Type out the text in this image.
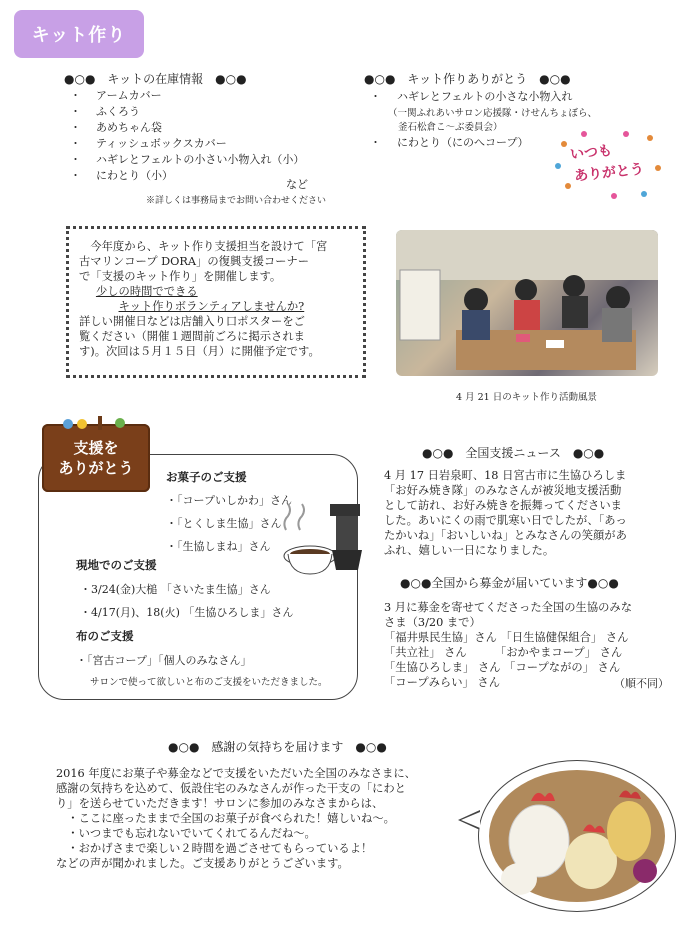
キット作り
●○●　キットの在庫情報　●○●
・ アームカバー
・ ふくろう
・ あめちゃん袋
・ ティッシュボックスカバー
・ ハギレとフェルトの小さい小物入れ（小）
・ にわとり（小）
など
※詳しくは事務局までお問い合わせください
●○●　キット作りありがとう　●○●
・ ハギレとフェルトの小さな小物入れ
（一関ふれあいサロン応援隊・けせんちょぼら、
釜石松倉こ～ぶ委員会）
・ にわとり（にのへコープ）
いつも
ありがとう
今年度から、キット作り支援担当を設けて「宮
古マリンコープ DORA」の復興支援コーナー
で「支援のキット作り」を開催します。
少しの時間でできる
キット作りボランティアしませんか?
詳しい開催日などは店舗入り口ポスターをご
覧ください（開催１週間前ごろに掲示されま
す)。次回は５月１５日（月）に開催予定です。
4 月 21 日のキット作り活動風景
支援を
ありがとう	お菓子のご支援
・「コープいしかわ」さん
・「とくしま生協」さん
・「生協しまね」さん
現地でのご支援
・3/24(金)大槌 「さいたま生協」さん
・4/17(月)、18(火) 「生協ひろしま」さん
布のご支援
・「宮古コープ」「個人のみなさん」
サロンで使って欲しいと布のご支援をいただきました。
●○●　全国支援ニュース　●○●
4 月 17 日岩泉町、18 日宮古市に生協ひろしま
「お好み焼き隊」のみなさんが被災地支援活動
として訪れ、お好み焼きを振舞ってくださいま
した。あいにくの雨で肌寒い日でしたが、「あっ
たかいね」「おいしいね」とみなさんの笑顔があ
ふれ、嬉しい一日になりました。
●○●全国から募金が届いています●○●
3 月に募金を寄せてくださった全国の生協のみな
さま（3/20 まで）
「福井県民生協」さん 「日生協健保組合」 さん
「共立社」 さん　　　「おかやまコープ」 さん
「生協ひろしま」 さん 「コープながの」 さん
「コープみらい」 さん	（順不同）
●○●　感謝の気持ちを届けます　●○●
2016 年度にお菓子や募金などで支援をいただいた全国のみなさまに、
感謝の気持ちを込めて、仮設住宅のみなさんが作った干支の「にわと
り」を送らせていただきます！サロンに参加のみなさまからは、
　・ここに座ったままで全国のお菓子が食べられた！嬉しいね～。
　・いつまでも忘れないでいてくれてるんだね～。
　・おかげさまで楽しい２時間を過ごさせてもらっているよ！
などの声が聞かれました。ご支援ありがとうございます。
